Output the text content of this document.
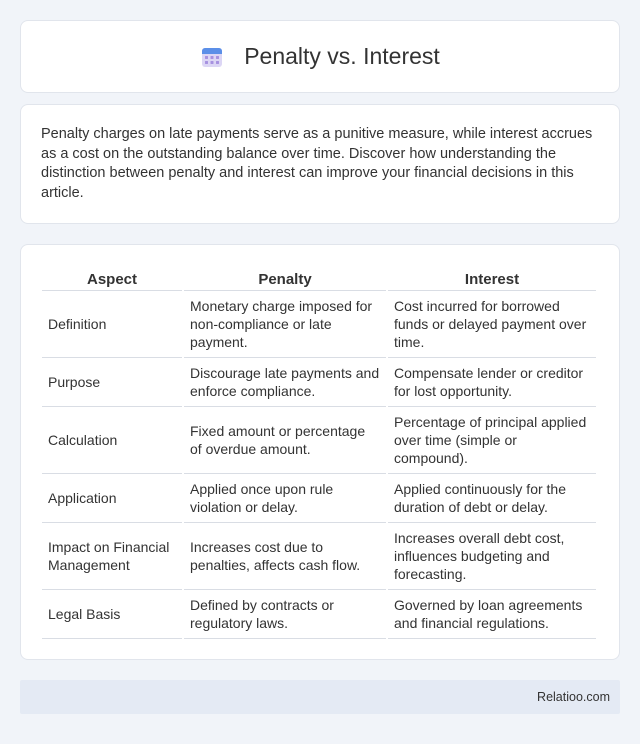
Penalty vs. Interest

Penalty charges on late payments serve as a punitive measure, while interest accrues as a cost on the outstanding balance over time. Discover how understanding the distinction between penalty and interest can improve your financial decisions in this article.

Aspect	Penalty	Interest
Definition	Monetary charge imposed for non-compliance or late payment.	Cost incurred for borrowed funds or delayed payment over time.
Purpose	Discourage late payments and enforce compliance.	Compensate lender or creditor for lost opportunity.
Calculation	Fixed amount or percentage of overdue amount.	Percentage of principal applied over time (simple or compound).
Application	Applied once upon rule violation or delay.	Applied continuously for the duration of debt or delay.
Impact on Financial Management	Increases cost due to penalties, affects cash flow.	Increases overall debt cost, influences budgeting and forecasting.
Legal Basis	Defined by contracts or regulatory laws.	Governed by loan agreements and financial regulations.
Relatioo.com
